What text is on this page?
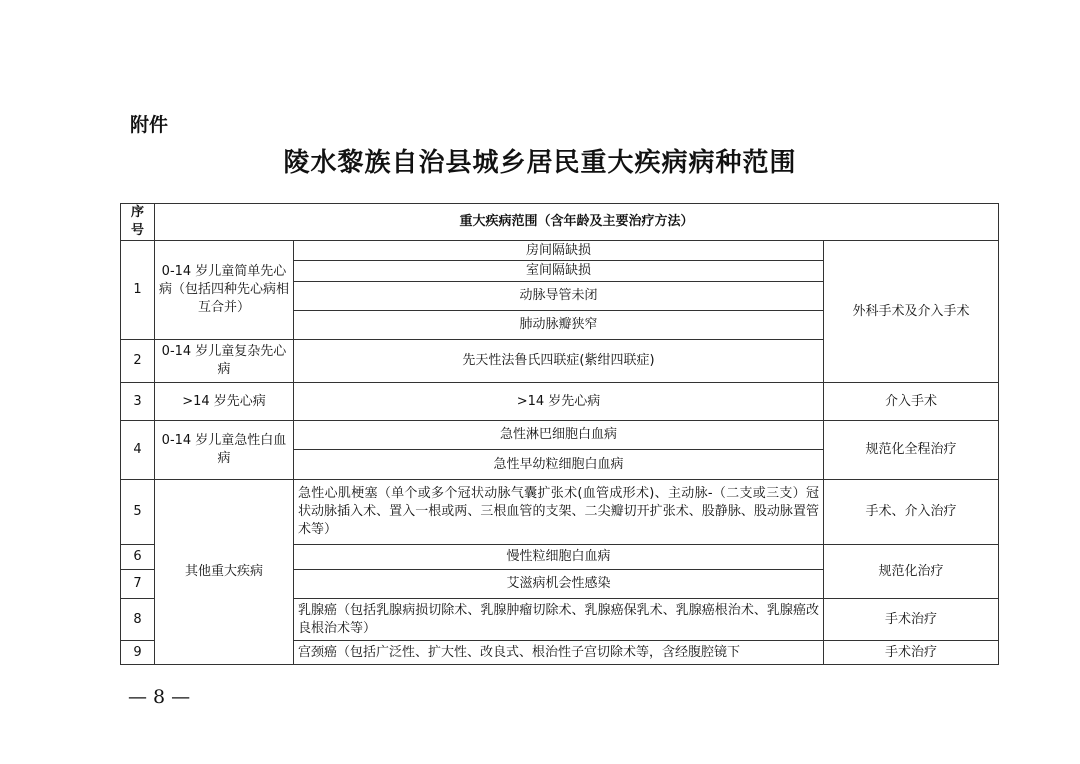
附件
陵水黎族自治县城乡居民重大疾病病种范围
序号	重大疾病范围（含年龄及主要治疗方法）		
1	0-14 岁儿童简单先心病（包括四种先心病相互合并）	房间隔缺损	外科手术及介入手术
		室间隔缺损	
		动脉导管未闭	
		肺动脉瓣狭窄	
2	0-14 岁儿童复杂先心病	先天性法鲁氏四联症(紫绀四联症)	
3	>14 岁先心病	>14 岁先心病	介入手术
4	0-14 岁儿童急性白血病	急性淋巴细胞白血病	规范化全程治疗
		急性早幼粒细胞白血病	
5	其他重大疾病	急性心肌梗塞（单个或多个冠状动脉气囊扩张术(血管成形术)、主动脉-（二支或三支）冠状动脉插入术、置入一根或两、三根血管的支架、二尖瓣切开扩张术、股静脉、股动脉置管术等）	手术、介入治疗
6		慢性粒细胞白血病	规范化治疗
7		艾滋病机会性感染	
8		乳腺癌（包括乳腺病损切除术、乳腺肿瘤切除术、乳腺癌保乳术、乳腺癌根治术、乳腺癌改良根治术等）	手术治疗
9		宫颈癌（包括广泛性、扩大性、改良式、根治性子宫切除术等，含经腹腔镜下	手术治疗
— 8 —
